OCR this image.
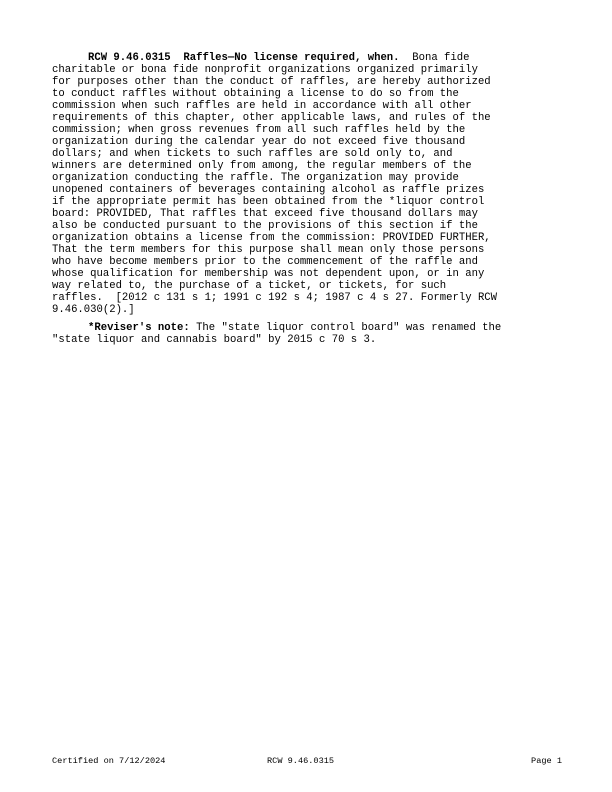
RCW 9.46.0315 Raffles—No license required, when. Bona fide
charitable or bona fide nonprofit organizations organized primarily
for purposes other than the conduct of raffles, are hereby authorized
to conduct raffles without obtaining a license to do so from the
commission when such raffles are held in accordance with all other
requirements of this chapter, other applicable laws, and rules of the
commission; when gross revenues from all such raffles held by the
organization during the calendar year do not exceed five thousand
dollars; and when tickets to such raffles are sold only to, and
winners are determined only from among, the regular members of the
organization conducting the raffle. The organization may provide
unopened containers of beverages containing alcohol as raffle prizes
if the appropriate permit has been obtained from the *liquor control
board: PROVIDED, That raffles that exceed five thousand dollars may
also be conducted pursuant to the provisions of this section if the
organization obtains a license from the commission: PROVIDED FURTHER,
That the term members for this purpose shall mean only those persons
who have become members prior to the commencement of the raffle and
whose qualification for membership was not dependent upon, or in any
way related to, the purchase of a ticket, or tickets, for such
raffles.  [2012 c 131 s 1; 1991 c 192 s 4; 1987 c 4 s 27. Formerly RCW
9.46.030(2).]
*Reviser's note: The "state liquor control board" was renamed the
"state liquor and cannabis board" by 2015 c 70 s 3.
Certified on 7/12/2024	RCW 9.46.0315	Page 1
